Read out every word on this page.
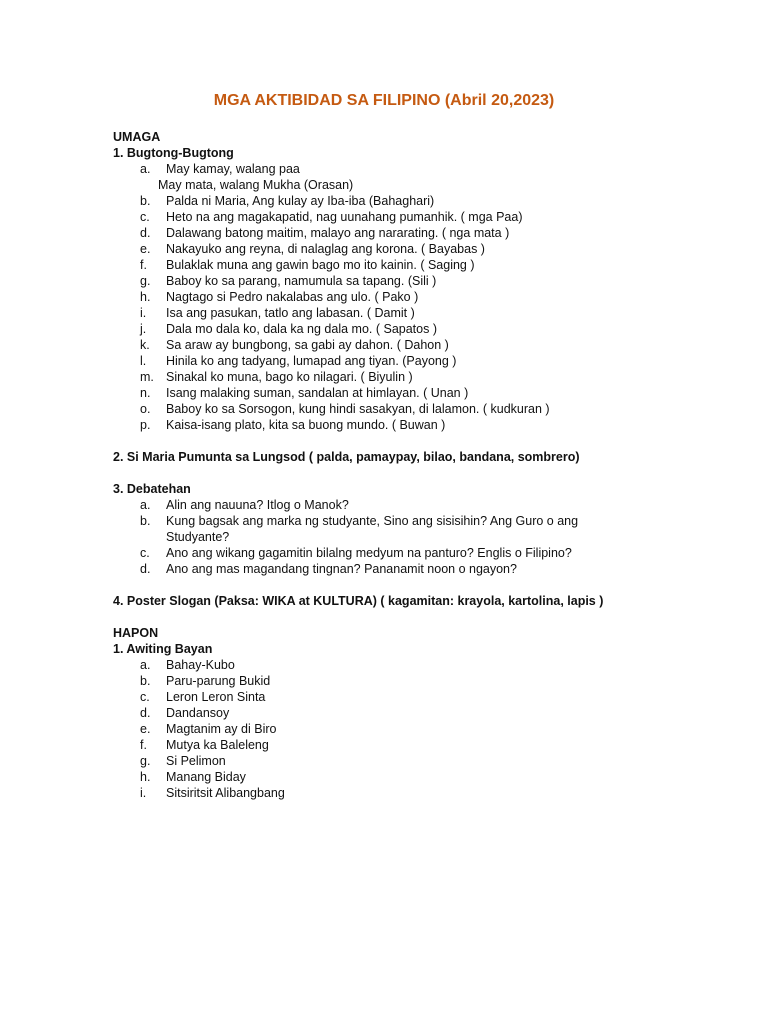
MGA AKTIBIDAD SA FILIPINO (Abril 20,2023)
UMAGA
1. Bugtong-Bugtong
a. May kamay, walang paa
May mata, walang Mukha (Orasan)
b. Palda ni Maria, Ang kulay ay Iba-iba (Bahaghari)
c. Heto na ang magakapatid, nag uunahang pumanhik. ( mga Paa)
d. Dalawang batong maitim, malayo ang nararating. ( nga mata )
e. Nakayuko ang reyna, di nalaglag ang korona. ( Bayabas )
f. Bulaklak muna ang gawin bago mo ito kainin. ( Saging )
g. Baboy ko sa parang, namumula sa tapang. (Sili )
h. Nagtago si Pedro nakalabas ang ulo. ( Pako )
i. Isa ang pasukan, tatlo ang labasan. ( Damit )
j. Dala mo dala ko, dala ka ng dala mo. ( Sapatos )
k. Sa araw ay bungbong, sa gabi ay dahon. ( Dahon )
l. Hinila ko ang tadyang, lumapad ang tiyan. (Payong )
m. Sinakal ko muna, bago ko nilagari. ( Biyulin )
n. Isang malaking suman, sandalan at himlayan. ( Unan )
o. Baboy ko sa Sorsogon, kung hindi sasakyan, di lalamon. ( kudkuran )
p. Kaisa-isang plato, kita sa buong mundo. ( Buwan )
2. Si Maria Pumunta sa Lungsod ( palda, pamaypay, bilao, bandana, sombrero)
3. Debatehan
a. Alin ang nauuna? Itlog o Manok?
b. Kung bagsak ang marka ng studyante, Sino ang sisisihin? Ang Guro o ang
Studyante?
c. Ano ang wikang gagamitin bilalng medyum na panturo? Englis o Filipino?
d. Ano ang mas magandang tingnan? Pananamit noon o ngayon?
4. Poster Slogan (Paksa: WIKA at KULTURA) ( kagamitan: krayola, kartolina, lapis )
HAPON
1. Awiting Bayan
a. Bahay-Kubo
b. Paru-parung Bukid
c. Leron Leron Sinta
d. Dandansoy
e. Magtanim ay di Biro
f. Mutya ka Baleleng
g. Si Pelimon
h. Manang Biday
i. Sitsiritsit Alibangbang
